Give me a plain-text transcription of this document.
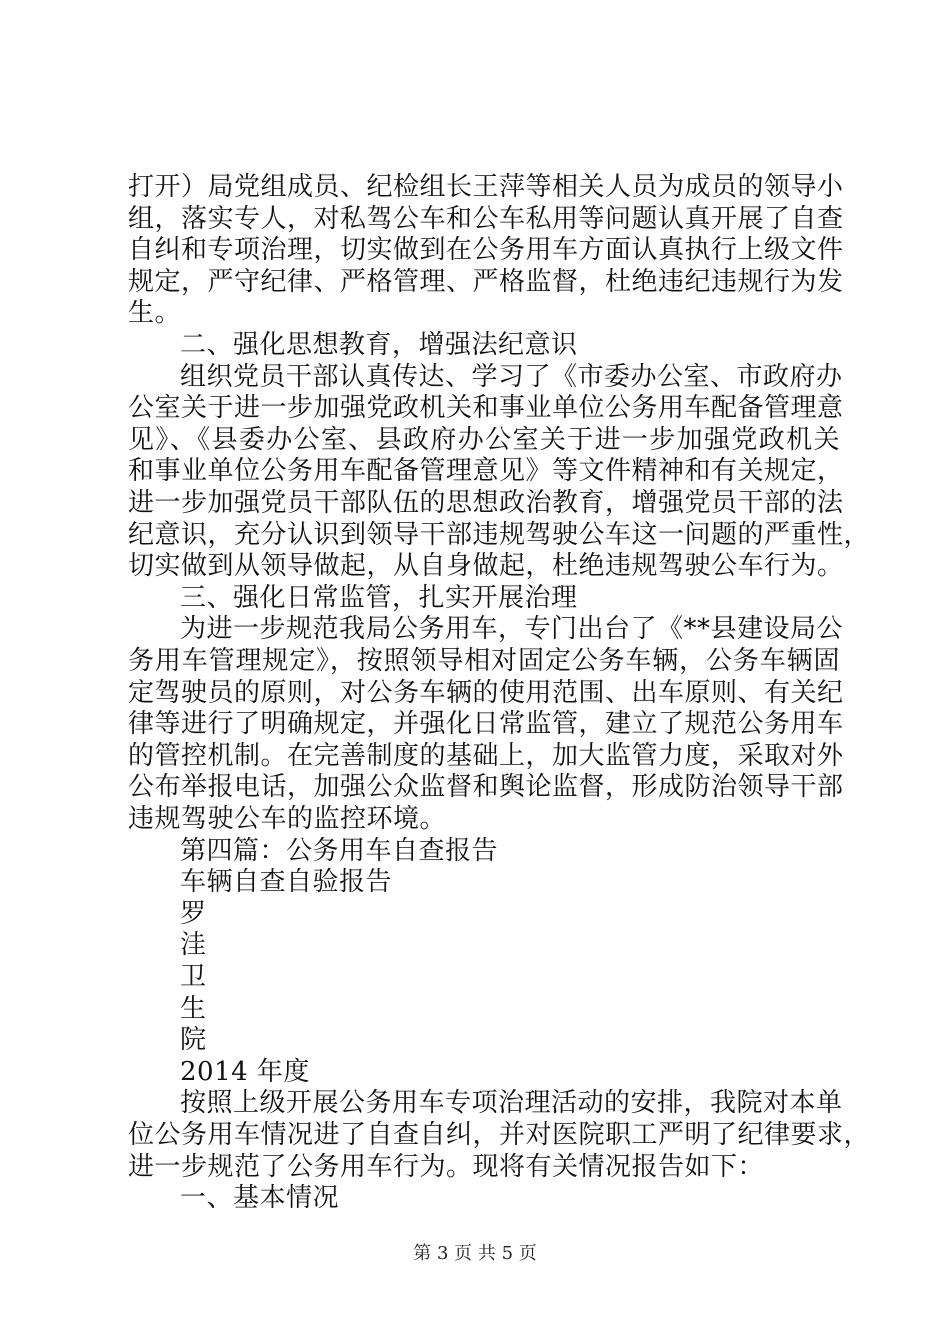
打开）局党组成员、纪检组长王萍等相关人员为成员的领导小
组，落实专人，对私驾公车和公车私用等问题认真开展了自查
自纠和专项治理，切实做到在公务用车方面认真执行上级文件
规定，严守纪律、严格管理、严格监督，杜绝违纪违规行为发
生。
二、强化思想教育，增强法纪意识
组织党员干部认真传达、学习了《市委办公室、市政府办
公室关于进一步加强党政机关和事业单位公务用车配备管理意
见》、《县委办公室、县政府办公室关于进一步加强党政机关
和事业单位公务用车配备管理意见》等文件精神和有关规定，
进一步加强党员干部队伍的思想政治教育，增强党员干部的法
纪意识，充分认识到领导干部违规驾驶公车这一问题的严重性，
切实做到从领导做起，从自身做起，杜绝违规驾驶公车行为。
三、强化日常监管，扎实开展治理
为进一步规范我局公务用车，专门出台了《**县建设局公
务用车管理规定》，按照领导相对固定公务车辆，公务车辆固
定驾驶员的原则，对公务车辆的使用范围、出车原则、有关纪
律等进行了明确规定，并强化日常监管，建立了规范公务用车
的管控机制。在完善制度的基础上，加大监管力度，采取对外
公布举报电话，加强公众监督和舆论监督，形成防治领导干部
违规驾驶公车的监控环境。
第四篇：公务用车自查报告
车辆自查自验报告
罗
洼
卫
生
院
2014 年度
按照上级开展公务用车专项治理活动的安排，我院对本单
位公务用车情况进了自查自纠，并对医院职工严明了纪律要求，
进一步规范了公务用车行为。现将有关情况报告如下：
一、基本情况
第 3 页 共 5 页
